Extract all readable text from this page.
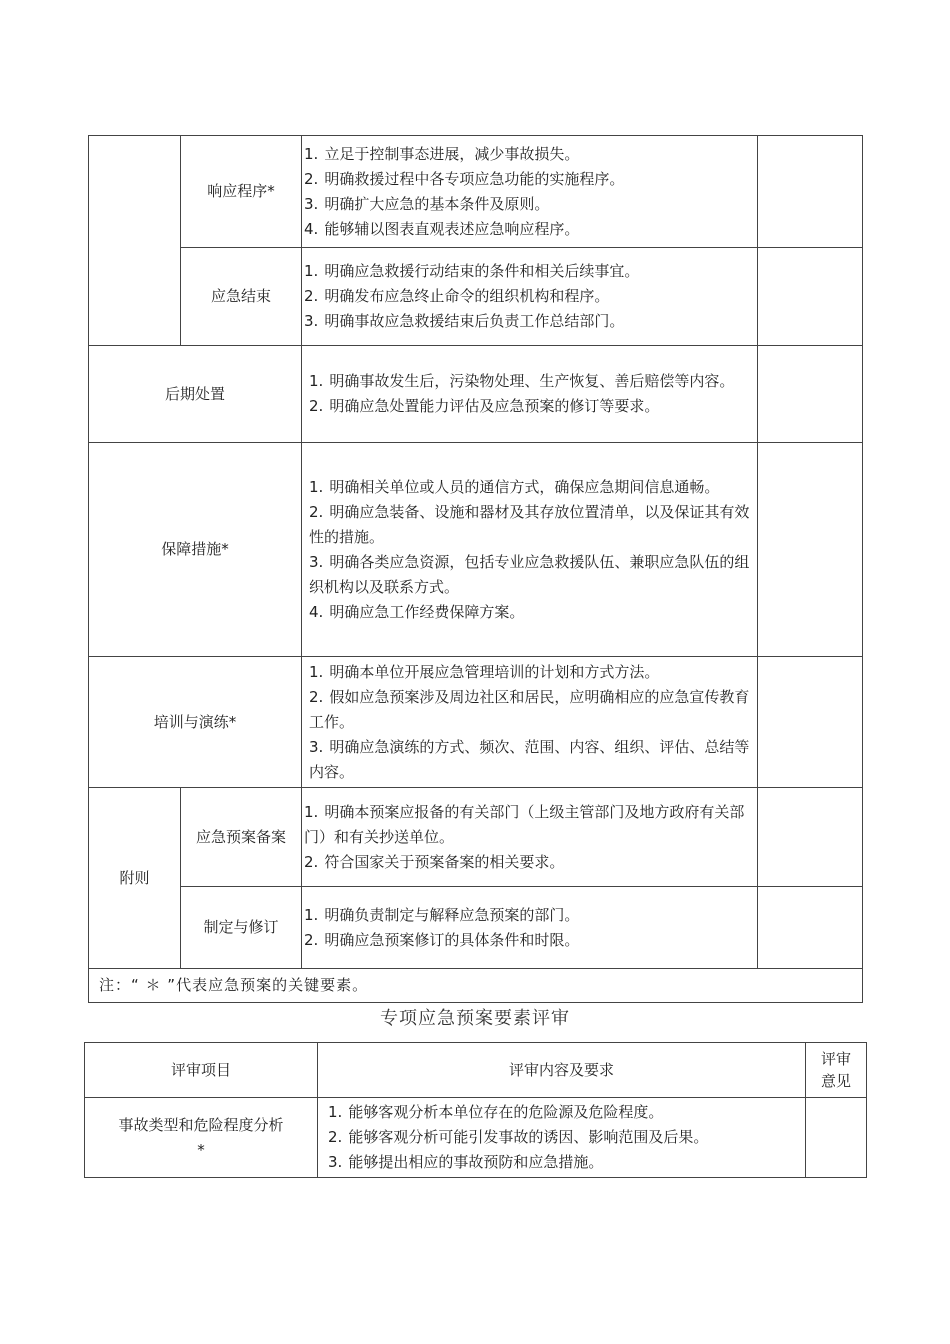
	响应程序*	1. 立足于控制事态进展，减少事故损失。
2. 明确救援过程中各专项应急功能的实施程序。
3. 明确扩大应急的基本条件及原则。
4. 能够辅以图表直观表述应急响应程序。	

	应急结束	1. 明确应急救援行动结束的条件和相关后续事宜。
2. 明确发布应急终止命令的组织机构和程序。
3. 明确事故应急救援结束后负责工作总结部门。	

后期处置		1. 明确事故发生后，污染物处理、生产恢复、善后赔偿等内容。
2. 明确应急处置能力评估及应急预案的修订等要求。	

保障措施*		1. 明确相关单位或人员的通信方式，确保应急期间信息通畅。
2. 明确应急装备、设施和器材及其存放位置清单，以及保证其有效性的措施。
3. 明确各类应急资源，包括专业应急救援队伍、兼职应急队伍的组织机构以及联系方式。
4. 明确应急工作经费保障方案。	

培训与演练*		1. 明确本单位开展应急管理培训的计划和方式方法。
2. 假如应急预案涉及周边社区和居民，应明确相应的应急宣传教育工作。
3. 明确应急演练的方式、频次、范围、内容、组织、评估、总结等内容。	

附则	应急预案备案	1. 明确本预案应报备的有关部门（上级主管部门及地方政府有关部门）和有关抄送单位。
2. 符合国家关于预案备案的相关要求。	

	制定与修订	1. 明确负责制定与解释应急预案的部门。
2. 明确应急预案修订的具体条件和时限。	

注：“ ＊ ”代表应急预案的关键要素。			
专项应急预案要素评审
评审项目	评审内容及要求	评审
意见

事故类型和危险程度分析
*	1. 能够客观分析本单位存在的危险源及危险程度。
2. 能够客观分析可能引发事故的诱因、影响范围及后果。
3. 能够提出相应的事故预防和应急措施。	
